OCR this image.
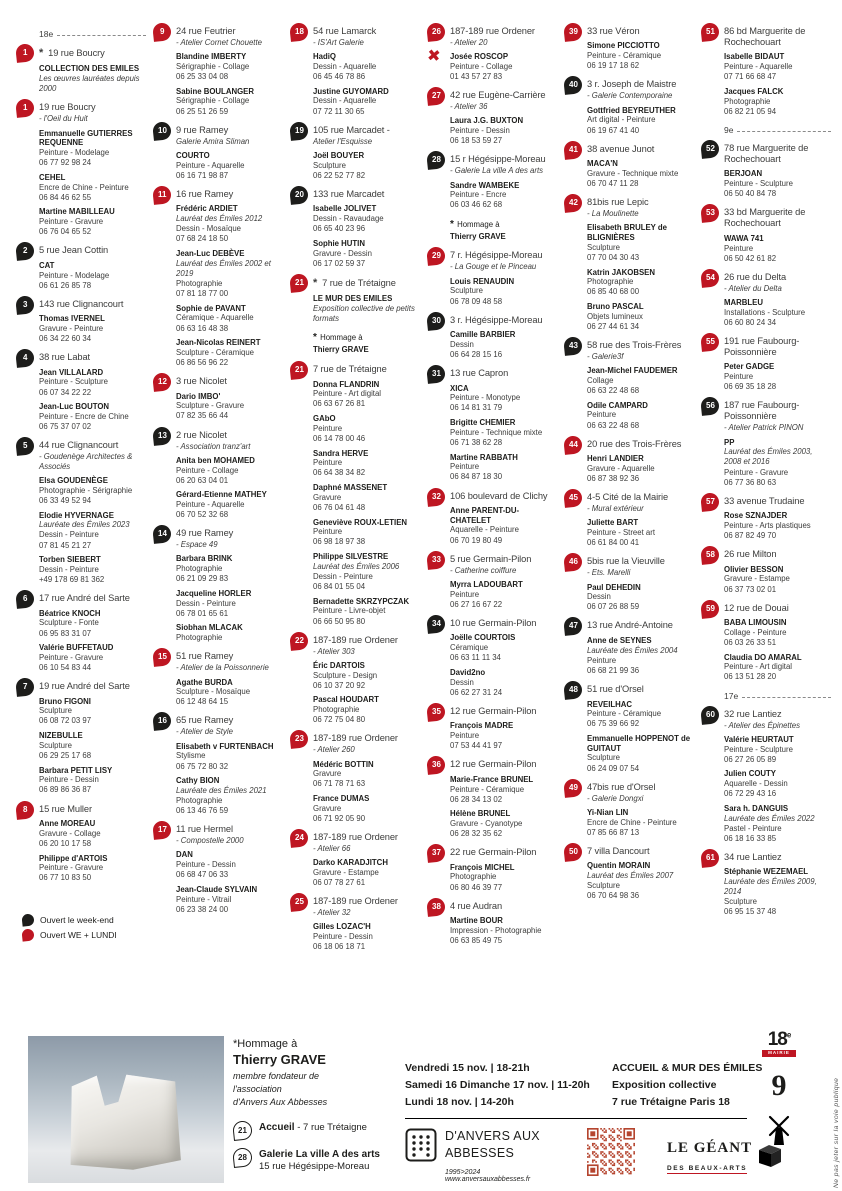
18e
1 * 19 rue Boucry
COLLECTION DES EMILES
Les œuvres lauréates depuis 2000
1 19 rue Boucry
- l'Oeil du Huit
Emmanuelle GUTIERRES REQUENNE
Peinture - Modelage
06 77 92 98 24
CEHEL
Encre de Chine - Peinture
06 84 46 62 55
Martine MABILLEAU
Peinture - Gravure
06 76 04 65 52
2 5 rue Jean Cottin
CAT
Peinture - Modelage
06 61 26 85 78
3 143 rue Clignancourt
Thomas IVERNEL
Gravure - Peinture
06 34 22 60 34
4 38 rue Labat
Jean VILLALARD
Peinture - Sculpture
06 07 34 22 22
Jean-Luc BOUTON
Peinture - Encre de Chine
06 75 37 07 02
5 44 rue Clignancourt
- Goudenège Architectes & Associés
Elsa GOUDENÈGE
Photographie - Sérigraphie
06 33 49 52 94
Elodie HYVERNAGE
Lauréate des Émiles 2023
Dessin - Peinture
07 81 45 21 27
Torben SIEBERT
Dessin - Peinture
+49 178 69 81 362
6 17 rue André del Sarte
Béatrice KNOCH
Sculpture - Fonte
06 95 83 31 07
Valérie BUFFETAUD
Peinture - Gravure
06 10 54 83 44
7 19 rue André del Sarte
Bruno FIGONI
Sculpture
06 08 72 03 97
NIZEBULLE
Sculpture
06 29 25 17 68
Barbara PETIT LISY
Peinture - Dessin
06 89 86 36 87
8 15 rue Muller
Anne MOREAU
Gravure - Collage
06 20 10 17 58
Philippe d'ARTOIS
Peinture - Gravure
06 77 10 83 50
Ouvert le week-end
Ouvert WE + LUNDI
9 24 rue Feutrier
- Atelier Cornet Chouette
Blandine IMBERTY
Sérigraphie - Collage
06 25 33 04 08
Sabine BOULANGER
Sérigraphie - Collage
06 25 51 26 59
10 9 rue Ramey
Galerie Amira Sliman
COURTO
Peinture - Aquarelle
06 16 71 98 87
11 16 rue Ramey
Frédéric ARDIET
Lauréat des Émiles 2012
Dessin - Mosaïque
07 68 24 18 50
Jean-Luc DEBÈVE
Lauréat des Émiles 2002 et 2019
Photographie
07 81 18 77 00
Sophie de PAVANT
Céramique - Aquarelle
06 63 16 48 38
Jean-Nicolas REINERT
Sculpture - Céramique
06 86 56 96 22
12 3 rue Nicolet
Dario IMBO'
Sculpture - Gravure
07 82 35 66 44
13 2 rue Nicolet
- Association tranz'art
Anita ben MOHAMED
Peinture - Collage
06 20 63 04 01
Gérard-Etienne MATHEY
Peinture - Aquarelle
06 70 52 32 68
14 49 rue Ramey
- Espace 49
Barbara BRINK
Photographie
06 21 09 29 83
Jacqueline HORLER
Dessin - Peinture
06 78 01 65 61
Siobhan MLACAK
Photographie
15 51 rue Ramey
- Atelier de la Poissonnerie
Agathe BURDA
Sculpture - Mosaïque
06 12 48 64 15
16 65 rue Ramey
- Atelier de Style
Elisabeth v FURTENBACH
Stylisme
06 75 72 80 32
Cathy BION
Lauréate des Émiles 2021
Photographie
06 13 46 76 59
17 11 rue Hermel
- Compostelle 2000
DAN
Peinture - Dessin
06 68 47 06 33
Jean-Claude SYLVAIN
Peinture - Vitrail
06 23 38 24 00
18 54 rue Lamarck
- IS'Art Galerie
HadiQ
Dessin - Aquarelle
06 45 46 78 86
Justine GUYOMARD
Dessin - Aquarelle
07 72 11 30 65
19 105 rue Marcadet -
Atelier l'Esquisse
Joël BOUYER
Sculpture
06 22 52 77 82
20 133 rue Marcadet
Isabelle JOLIVET
Dessin - Ravaudage
06 65 40 23 96
Sophie HUTIN
Gravure - Dessin
06 17 02 59 37
21 * 7 rue de Trétaigne
LE MUR DES EMILES
Exposition collective de petits formats
* Hommage à
Thierry GRAVE
21 7 rue de Trétaigne
Donna FLANDRIN
Peinture - Art digital
06 63 67 26 81
GAbO
Peinture
06 14 78 00 46
Sandra HERVE
Peinture
06 64 38 34 82
Daphné MASSENET
Gravure
06 76 04 61 48
Geneviève ROUX-LETIEN
Peinture
06 98 18 97 38
Philippe SILVESTRE
Lauréat des Émiles 2006
Dessin - Peinture
06 84 01 55 04
Bernadette SKRZYPCZAK
Peinture - Livre-objet
06 66 50 95 80
22 187-189 rue Ordener
- Atelier 303
Éric DARTOIS
Sculpture - Design
06 10 37 20 92
Pascal HOUDART
Photographie
06 72 75 04 80
23 187-189 rue Ordener
- Atelier 260
Médéric BOTTIN
Gravure
06 71 78 71 63
France DUMAS
Gravure
06 71 92 05 90
24 187-189 rue Ordener
- Atelier 66
Darko KARADJITCH
Gravure - Estampe
06 07 78 27 61
25 187-189 rue Ordener
- Atelier 32
Gilles LOZAC'H
Peinture - Dessin
06 18 06 18 71
26 187-189 rue Ordener
- Atelier 20
✖ Josée ROSCOP
Peinture - Collage
01 43 57 27 83
27 42 rue Eugène-Carrière
- Atelier 36
Laura J.G. BUXTON
Peinture - Dessin
06 18 53 59 27
28 15 r Hégésippe-Moreau
- Galerie La ville A des arts
Sandre WAMBEKE
Peinture - Encre
06 03 46 62 68
* Hommage à
Thierry GRAVE
29 7 r. Hégésippe-Moreau
- La Gouge et le Pinceau
Louis RENAUDIN
Sculpture
06 78 09 48 58
30 3 r. Hégésippe-Moreau
Camille BARBIER
Dessin
06 64 28 15 16
31 13 rue Capron
XICA
Peinture - Monotype
06 14 81 31 79
Brigitte CHEMIER
Peinture - Technique mixte
06 71 38 62 28
Martine RABBATH
Peinture
06 84 87 18 30
32 106 boulevard de Clichy
Anne PARENT-DU-CHATELET
Aquarelle - Peinture
06 70 19 80 49
33 5 rue Germain-Pilon
- Catherine coiffure
Myrra LADOUBART
Peinture
06 27 16 67 22
34 10 rue Germain-Pilon
Joëlle COURTOIS
Céramique
06 63 11 11 34
David2no
Dessin
06 62 27 31 24
35 12 rue Germain-Pilon
François MADRE
Peinture
07 53 44 41 97
36 12 rue Germain-Pilon
Marie-France BRUNEL
Peinture - Céramique
06 28 34 13 02
Hélène BRUNEL
Gravure - Cyanotype
06 28 32 35 62
37 22 rue Germain-Pilon
François MICHEL
Photographie
06 80 46 39 77
38 4 rue Audran
Martine BOUR
Impression - Photographie
06 63 85 49 75
39 33 rue Véron
Simone PICCIOTTO
Peinture - Céramique
06 19 17 18 62
40 3 r. Joseph de Maistre
- Galerie Contemporaine
Gottfried BEYREUTHER
Art digital - Peinture
06 19 67 41 40
41 38 avenue Junot
MACA'N
Gravure - Technique mixte
06 70 47 11 28
42 81bis rue Lepic
- La Moulinette
Elisabeth BRULEY de BLIGNIÈRES
Sculpture
07 70 04 30 43
Katrin JAKOBSEN
Photographie
06 85 40 68 00
Bruno PASCAL
Objets lumineux
06 27 44 61 34
43 58 rue des Trois-Frères
- Galerie3f
Jean-Michel FAUDEMER
Collage
06 63 22 48 68
Odile CAMPARD
Peinture
06 63 22 48 68
44 20 rue des Trois-Frères
Henri LANDIER
Gravure - Aquarelle
06 87 38 92 36
45 4-5 Cité de la Mairie
- Mural extérieur
Juliette BART
Peinture - Street art
06 61 84 00 41
46 5bis rue la Vieuville
- Ets. Marelli
Paul DEHEDIN
Dessin
06 07 26 88 59
47 13 rue André-Antoine
Anne de SEYNES
Lauréate des Émiles 2004
Peinture
06 68 21 99 36
48 51 rue d'Orsel
REVEILHAC
Peinture - Céramique
06 75 39 66 92
Emmanuelle HOPPENOT de GUITAUT
Sculpture
06 24 09 07 54
49 47bis rue d'Orsel
- Galerie Dongxi
Yi-Nian LIN
Encre de Chine - Peinture
07 85 66 87 13
50 7 villa Dancourt
Quentin MORAIN
Lauréat des Émiles 2007
Sculpture
06 70 64 98 36
51 86 bd Marguerite de Rochechouart
Isabelle BIDAUT
Peinture - Aquarelle
07 71 66 68 47
Jacques FALCK
Photographie
06 82 21 05 94
9e
52 78 rue Marguerite de Rochechouart
BERJOAN
Peinture - Sculpture
06 50 40 84 78
53 33 bd Marguerite de Rochechouart
WAWA 741
Peinture
06 50 42 61 82
54 26 rue du Delta
- Atelier du Delta
MARBLEU
Installations - Sculpture
06 60 80 24 34
55 191 rue Faubourg-Poissonnière
Peter GADGE
Peinture
06 69 35 18 28
56 187 rue Faubourg-Poissonnière
- Atelier Patrick PINON
PP
Lauréat des Émiles 2003, 2008 et 2016
Peinture - Gravure
06 77 36 80 63
57 33 avenue Trudaine
Rose SZNAJDER
Peinture - Arts plastiques
06 87 82 49 70
58 26 rue Milton
Olivier BESSON
Gravure - Estampe
06 37 73 02 01
59 12 rue de Douai
BABA LIMOUSIN
Collage - Peinture
06 03 26 33 51
Claudia DO AMARAL
Peinture - Art digital
06 13 51 28 20
17e
60 32 rue Lantiez
- Atelier des Épinettes
Valérie HEURTAUT
Peinture - Sculpture
06 27 26 05 89
Julien COUTY
Aquarelle - Dessin
06 72 29 43 16
Sara h. DANGUIS
Lauréate des Émiles 2022
Pastel - Peinture
06 18 16 33 85
61 34 rue Lantiez
Stéphanie WEZEMAEL
Lauréate des Émiles 2009, 2014
Sculpture
06 95 15 37 48
*Hommage à
Thierry GRAVE
membre fondateur de
l'association
d'Anvers Aux Abbesses
21 Accueil - 7 rue Trétaigne
28 Galerie La ville A des arts
15 rue Hégésippe-Moreau
Vendredi 15 nov. | 18-21h
Samedi 16 Dimanche 17 nov. | 11-20h
Lundi 18 nov. | 14-20h
ACCUEIL & MUR DES ÉMILES
Exposition collective
7 rue Trétaigne Paris 18
D'ANVERS AUX
ABBESSES
1995>2024 www.anversauxabbesses.fr
LE GÉANT
DES BEAUX-ARTS
18e
MAIRIE
9	Ne pas jeter sur la voie publique
